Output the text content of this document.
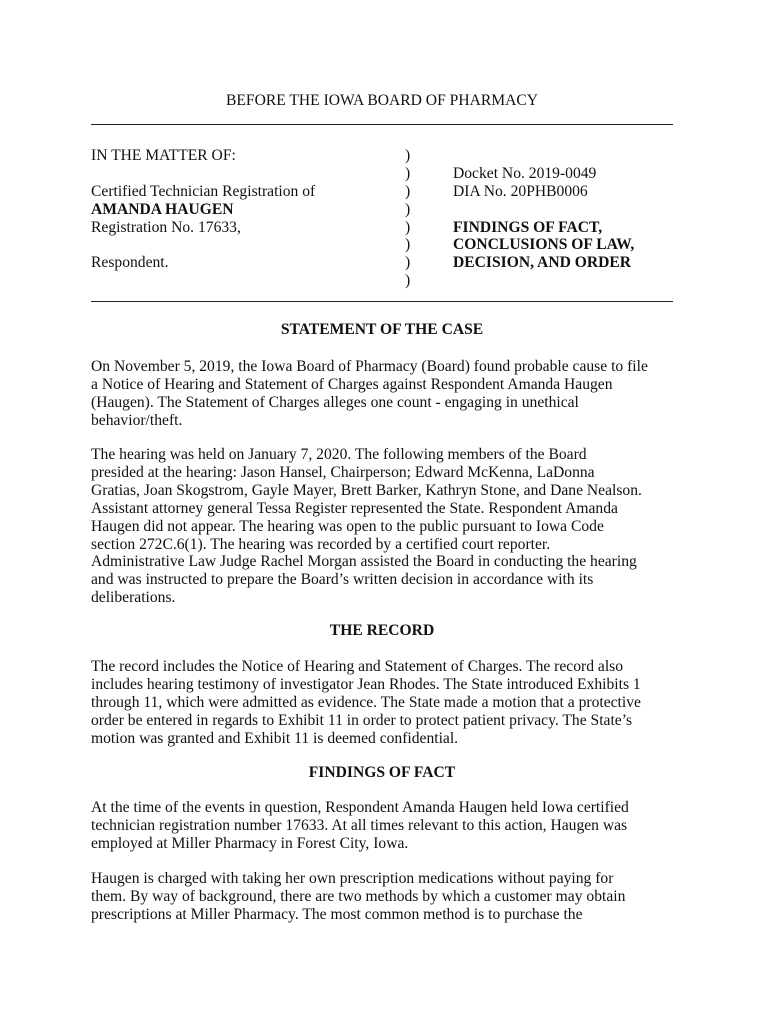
BEFORE THE IOWA BOARD OF PHARMACY
IN THE MATTER OF:
Certified Technician Registration of
AMANDA HAUGEN
Registration No. 17633,
Respondent.
)
)
)
)
)
)
)
)
Docket No. 2019-0049
DIA No. 20PHB0006
FINDINGS OF FACT,
CONCLUSIONS OF LAW,
DECISION, AND ORDER
STATEMENT OF THE CASE
On November 5, 2019, the Iowa Board of Pharmacy (Board) found probable cause to file
a Notice of Hearing and Statement of Charges against Respondent Amanda Haugen
(Haugen). The Statement of Charges alleges one count - engaging in unethical
behavior/theft.
The hearing was held on January 7, 2020. The following members of the Board
presided at the hearing: Jason Hansel, Chairperson; Edward McKenna, LaDonna
Gratias, Joan Skogstrom, Gayle Mayer, Brett Barker, Kathryn Stone, and Dane Nealson.
Assistant attorney general Tessa Register represented the State. Respondent Amanda
Haugen did not appear. The hearing was open to the public pursuant to Iowa Code
section 272C.6(1). The hearing was recorded by a certified court reporter.
Administrative Law Judge Rachel Morgan assisted the Board in conducting the hearing
and was instructed to prepare the Board’s written decision in accordance with its
deliberations.
THE RECORD
The record includes the Notice of Hearing and Statement of Charges. The record also
includes hearing testimony of investigator Jean Rhodes. The State introduced Exhibits 1
through 11, which were admitted as evidence. The State made a motion that a protective
order be entered in regards to Exhibit 11 in order to protect patient privacy. The State’s
motion was granted and Exhibit 11 is deemed confidential.
FINDINGS OF FACT
At the time of the events in question, Respondent Amanda Haugen held Iowa certified
technician registration number 17633. At all times relevant to this action, Haugen was
employed at Miller Pharmacy in Forest City, Iowa.
Haugen is charged with taking her own prescription medications without paying for
them. By way of background, there are two methods by which a customer may obtain
prescriptions at Miller Pharmacy. The most common method is to purchase the
